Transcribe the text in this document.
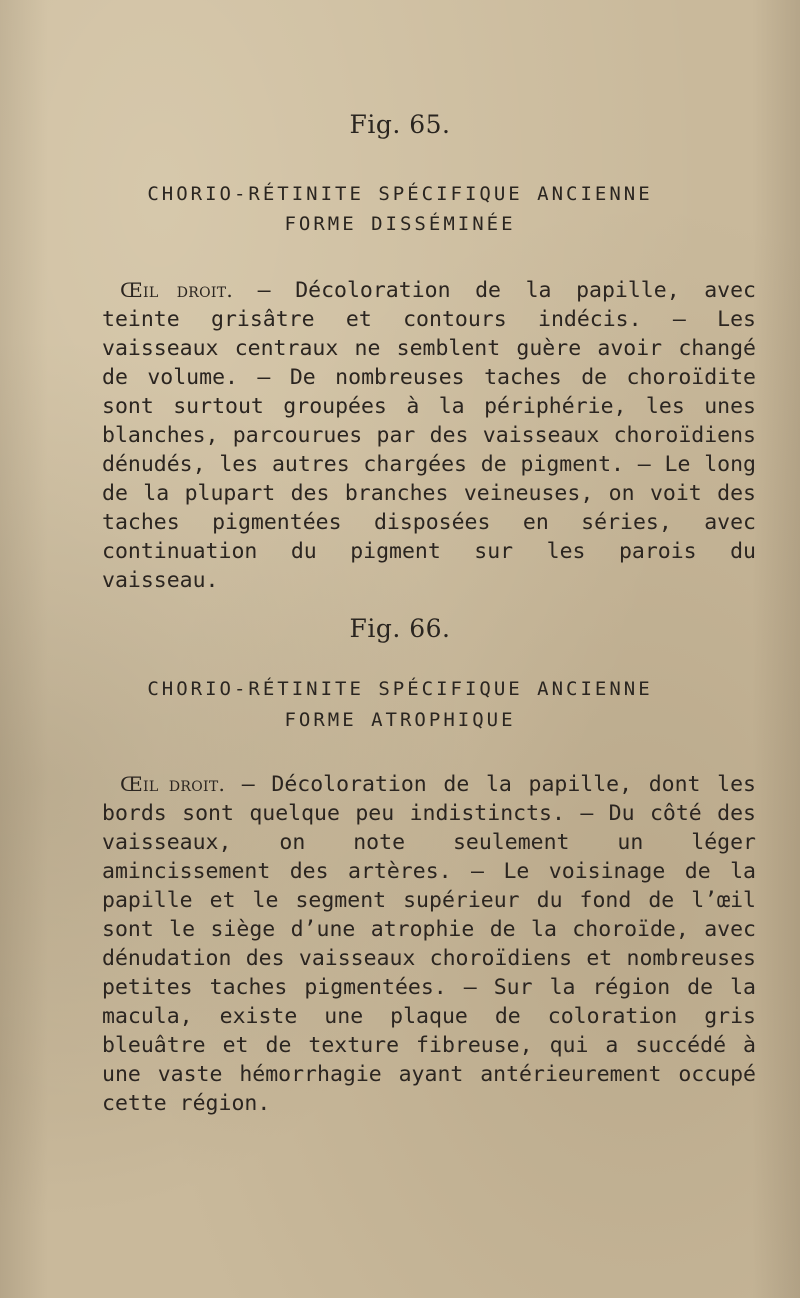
Fig. 65.
CHORIO-RÉTINITE SPÉCIFIQUE ANCIENNE
FORME DISSÉMINÉE
Œil droit. — Décoloration de la papille, avec teinte grisâtre et contours indécis. — Les vaisseaux centraux ne semblent guère avoir changé de volume. — De nombreuses taches de choroïdite sont surtout groupées à la périphérie, les unes blanches, parcourues par des vaisseaux choroïdiens dénudés, les autres chargées de pigment. — Le long de la plupart des branches veineuses, on voit des taches pigmentées disposées en séries, avec continuation du pigment sur les parois du vaisseau.
Fig. 66.
CHORIO-RÉTINITE SPÉCIFIQUE ANCIENNE
FORME ATROPHIQUE
Œil droit. — Décoloration de la papille, dont les bords sont quelque peu indistincts. — Du côté des vaisseaux, on note seulement un léger amincissement des artères. — Le voisinage de la papille et le segment supérieur du fond de l’œil sont le siège d’une atrophie de la choroïde, avec dénudation des vaisseaux choroïdiens et nombreuses petites taches pigmentées. — Sur la région de la macula, existe une plaque de coloration gris bleuâtre et de texture fibreuse, qui a succédé à une vaste hémorrhagie ayant antérieurement occupé cette région.
